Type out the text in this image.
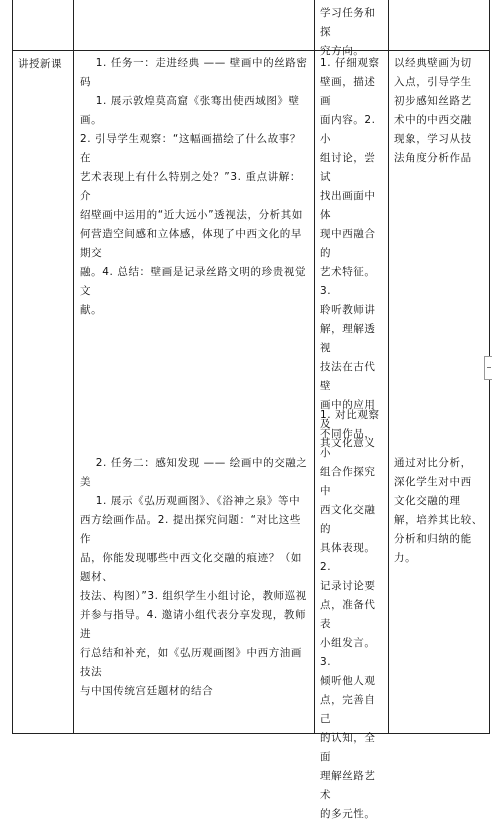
学习任务和探
究方向。
讲授新课	1. 任务一：走进经典 —— 壁画中的丝路密
码
1. 展示敦煌莫高窟《张骞出使西域图》壁画。
2. 引导学生观察：“这幅画描绘了什么故事？在
艺术表现上有什么特别之处？”3. 重点讲解：介
绍壁画中运用的“近大远小”透视法，分析其如
何营造空间感和立体感，体现了中西文化的早期交
融。4. 总结：壁画是记录丝路文明的珍贵视觉文
献。
1. 仔细观察
壁画，描述画
面内容。2. 小
组讨论，尝试
找出画面中体
现中西融合的
艺术特征。3.
聆听教师讲
解，理解透视
技法在古代壁
画中的应用及
其文化意义
以经典壁画为切
入点，引导学生
初步感知丝路艺
术中的中西交融
现象，学习从技
法角度分析作品
2. 任务二：感知发现 —— 绘画中的交融之
美
1. 展示《弘历观画图》、《浴神之泉》等中
西方绘画作品。2. 提出探究问题：“对比这些作
品，你能发现哪些中西文化交融的痕迹？（如题材、
技法、构图）”3. 组织学生小组讨论，教师巡视
并参与指导。4. 邀请小组代表分享发现，教师进
行总结和补充，如《弘历观画图》中西方油画技法
与中国传统宫廷题材的结合
1. 对比观察
不同作品，小
组合作探究中
西文化交融的
具体表现。2.
记录讨论要
点，准备代表
小组发言。3.
倾听他人观
点，完善自己
的认知，全面
理解丝路艺术
的多元性。
通过对比分析，
深化学生对中西
文化交融的理
解，培养其比较、
分析和归纳的能
力。
